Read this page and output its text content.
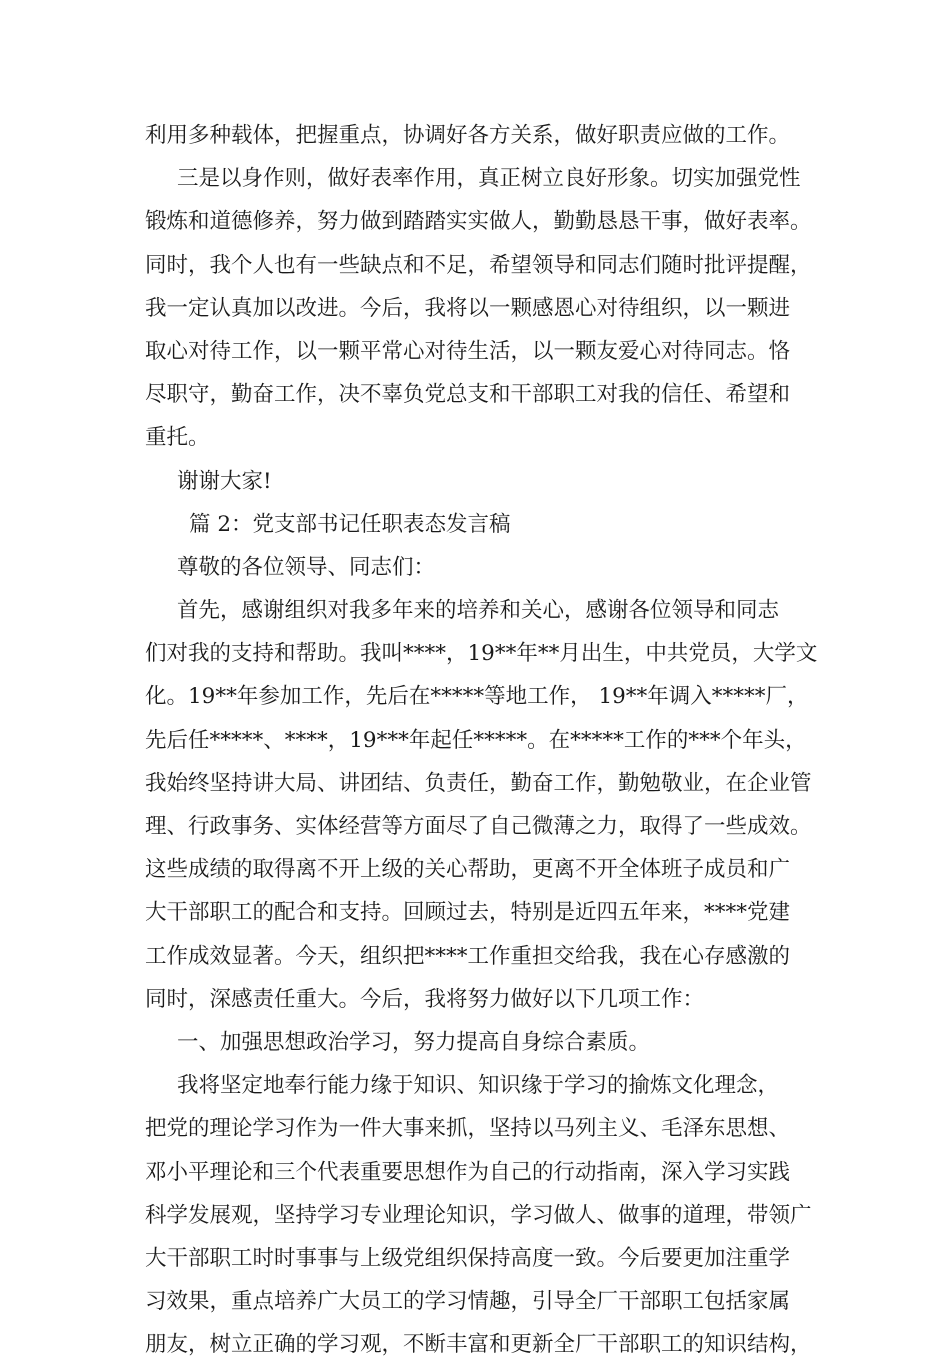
利用多种载体，把握重点，协调好各方关系，做好职责应做的工作。
三是以身作则，做好表率作用，真正树立良好形象。切实加强党性
锻炼和道德修养，努力做到踏踏实实做人，勤勤恳恳干事，做好表率。
同时，我个人也有一些缺点和不足，希望领导和同志们随时批评提醒，
我一定认真加以改进。今后，我将以一颗感恩心对待组织，以一颗进
取心对待工作，以一颗平常心对待生活，以一颗友爱心对待同志。恪
尽职守，勤奋工作，决不辜负党总支和干部职工对我的信任、希望和
重托。
谢谢大家!
篇 2：党支部书记任职表态发言稿
尊敬的各位领导、同志们：
首先，感谢组织对我多年来的培养和关心，感谢各位领导和同志
们对我的支持和帮助。我叫****，19**年**月出生，中共党员，大学文
化。19**年参加工作，先后在*****等地工作， 19**年调入*****厂，
先后任*****、****，19***年起任*****。在*****工作的***个年头，
我始终坚持讲大局、讲团结、负责任，勤奋工作，勤勉敬业，在企业管
理、行政事务、实体经营等方面尽了自己微薄之力，取得了一些成效。
这些成绩的取得离不开上级的关心帮助，更离不开全体班子成员和广
大干部职工的配合和支持。回顾过去，特别是近四五年来，****党建
工作成效显著。今天，组织把****工作重担交给我，我在心存感激的
同时，深感责任重大。今后，我将努力做好以下几项工作：
一、加强思想政治学习，努力提高自身综合素质。
我将坚定地奉行能力缘于知识、知识缘于学习的揄炼文化理念，
把党的理论学习作为一件大事来抓，坚持以马列主义、毛泽东思想、
邓小平理论和三个代表重要思想作为自己的行动指南，深入学习实践
科学发展观，坚持学习专业理论知识，学习做人、做事的道理，带领广
大干部职工时时事事与上级党组织保持高度一致。今后要更加注重学
习效果，重点培养广大员工的学习情趣，引导全厂干部职工包括家属
朋友，树立正确的学习观，不断丰富和更新全厂干部职工的知识结构，
